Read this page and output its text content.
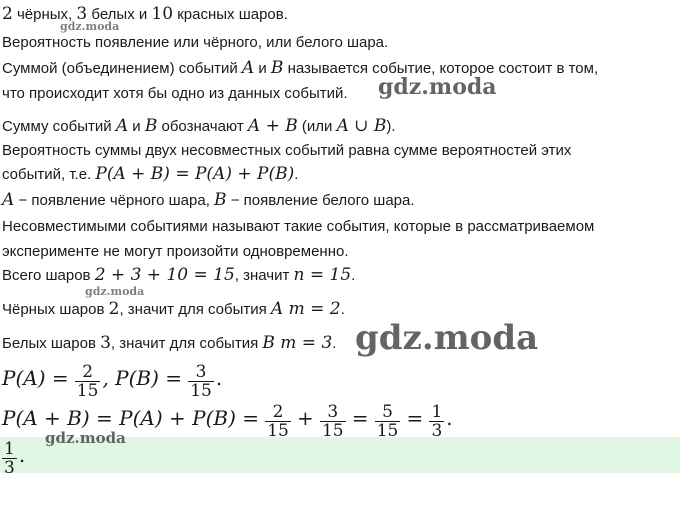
2 чёрных, 3 белых и 10 красных шаров.
Вероятность появление или чёрного, или белого шара.
Суммой (объединением) событий A и B называется событие, которое состоит в том,
что происходит хотя бы одно из данных событий.
Сумму событий A и B обозначают A + B (или A ∪ B).
Вероятность суммы двух несовместных событий равна сумме вероятностей этих
событий, т.е. P(A + B) = P(A) + P(B).
A − появление чёрного шара, B − появление белого шара.
Несовместимыми событиями называют такие события, которые в рассматриваемом
эксперименте не могут произойти одновременно.
Всего шаров 2 + 3 + 10 = 15, значит n = 15.
Чёрных шаров 2, значит для события A m = 2.
Белых шаров 3, значит для события B m = 3.
$P(A) = \frac{2}{15}$ , $P(B) = \frac{3}{15}$ .
$P(A + B) = P(A) + P(B) = \frac{2}{15} + \frac{3}{15} = \frac{5}{15} = \frac{1}{3}$ .
$\frac{1}{3}$ .
gdz.moda
gdz.moda
gdz.moda
gdz.moda
gdz.moda
